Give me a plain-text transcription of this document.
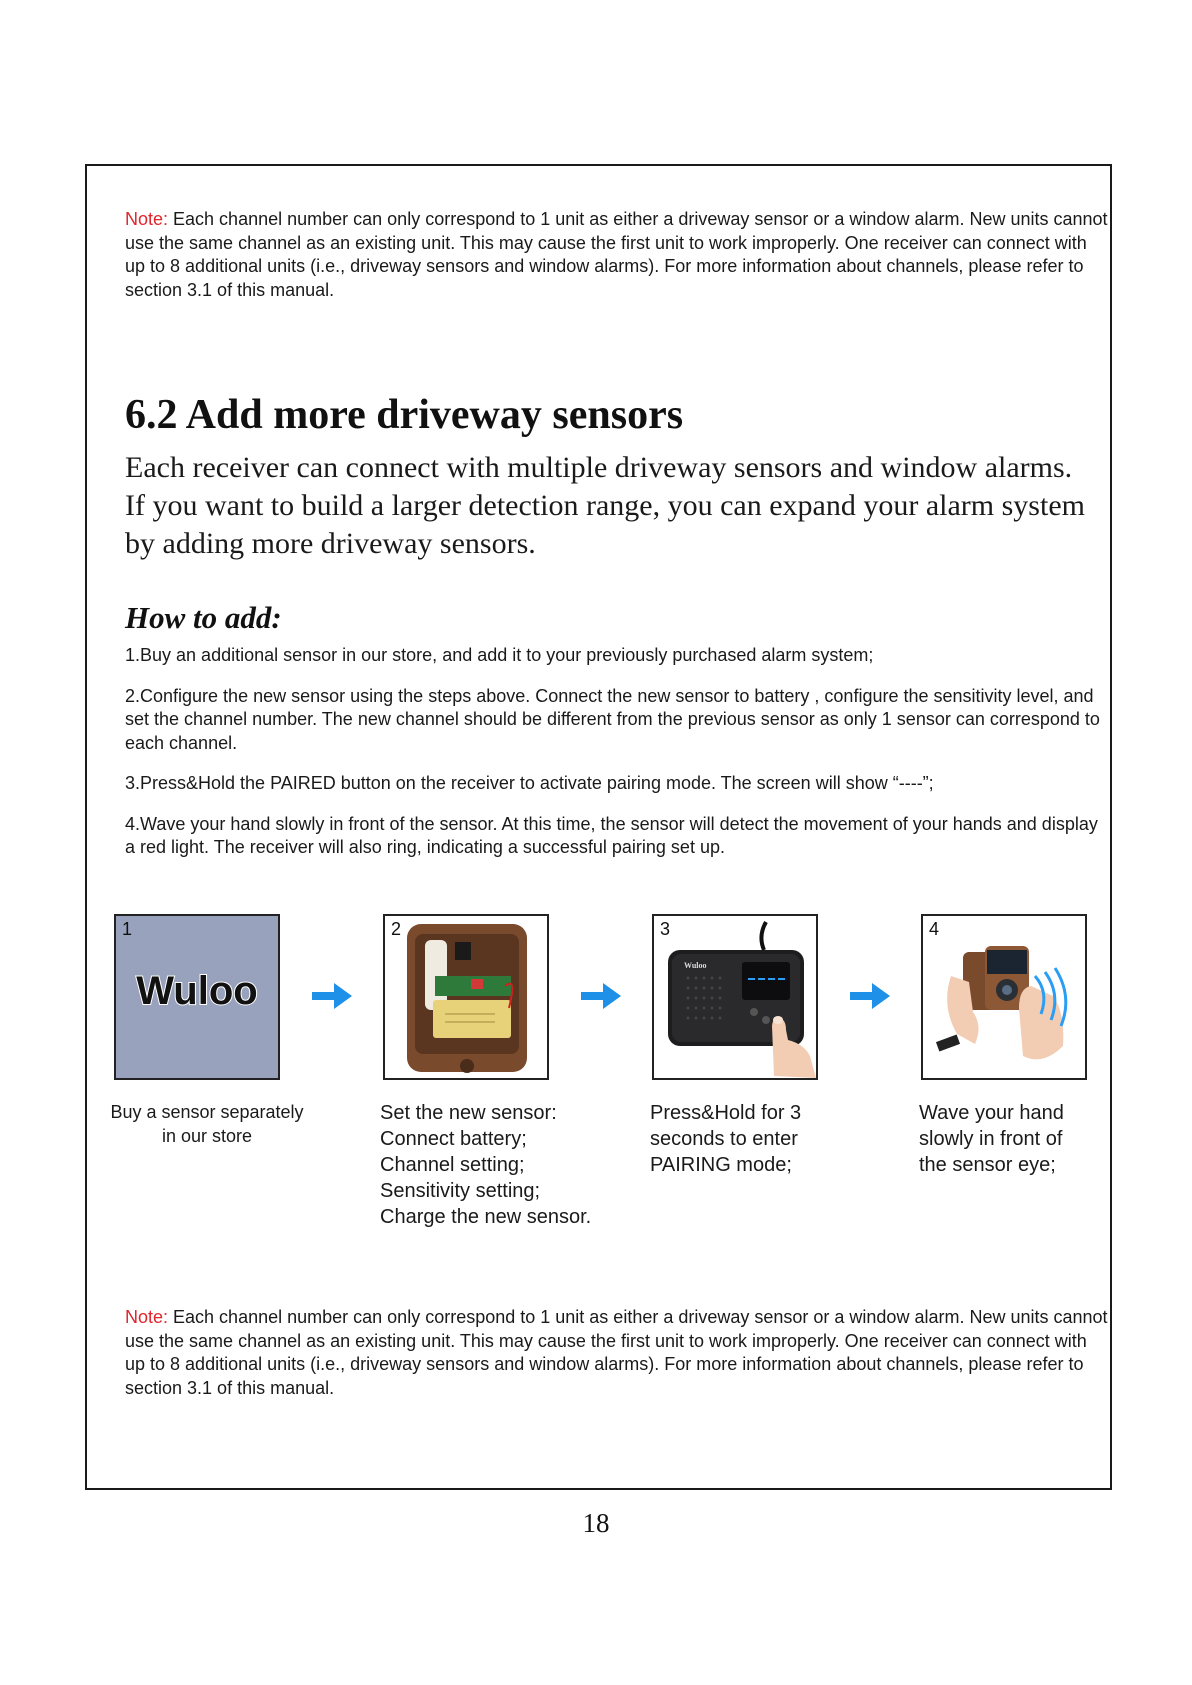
Note: Each channel number can only correspond to 1 unit as either a driveway sensor or a window alarm. New units cannot use the same channel as an existing unit. This may cause the first unit to work improperly. One receiver can connect with up to 8 additional units (i.e., driveway sensors and window alarms). For more information about channels, please refer to section 3.1 of this manual.
6.2 Add more driveway sensors

Each receiver can connect with multiple driveway sensors and window alarms. If you want to build a larger detection range, you can expand your alarm system by adding more driveway sensors.

How to add:

1.Buy an additional sensor in our store, and add it to your previously purchased alarm system;

2.Configure the new sensor using the steps above. Connect the new sensor to battery , configure the sensitivity level, and set the channel number. The new channel should be different from the previous sensor as only 1 sensor can correspond to each channel.

3.Press&Hold the PAIRED button on the receiver to activate pairing mode. The screen will show “----”;

4.Wave your hand slowly in front of the sensor. At this time, the sensor will detect the movement of your hands and display a red light. The receiver will also ring, indicating a successful pairing set up.

1
Wuloo
2	3
Wuloo
4
Buy a sensor separately
in our store
Set the new sensor:
Connect battery;
Channel setting;
Sensitivity setting;
Charge the new sensor.
Press&Hold for 3
seconds to enter
PAIRING mode;
Wave your hand
slowly in front of
the sensor eye;
Note: Each channel number can only correspond to 1 unit as either a driveway sensor or a window alarm. New units cannot use the same channel as an existing unit. This may cause the first unit to work improperly. One receiver can connect with up to 8 additional units (i.e., driveway sensors and window alarms). For more information about channels, please refer to section 3.1 of this manual.
18
